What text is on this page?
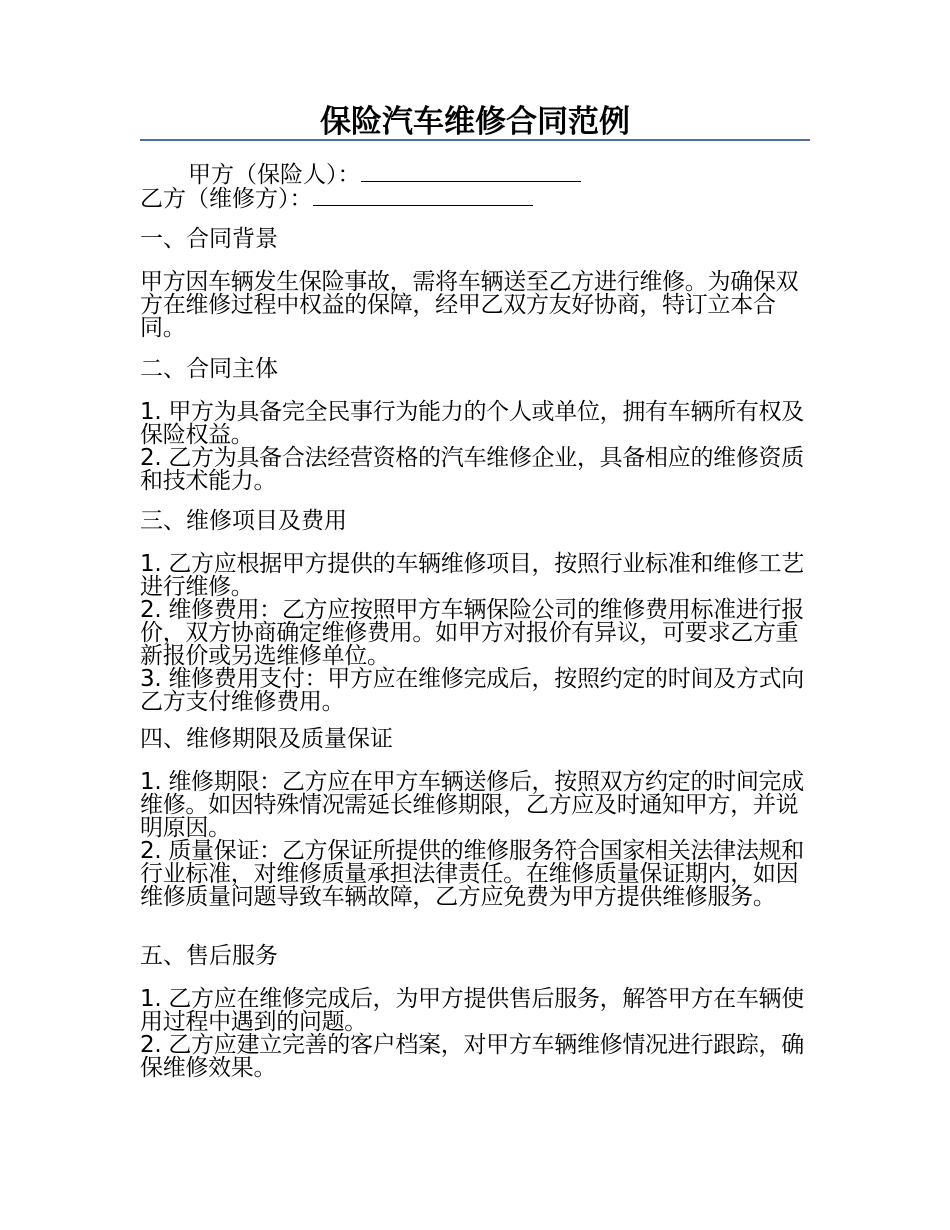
保险汽车维修合同范例
甲方（保险人）：
乙方（维修方）：
一、合同背景
甲方因车辆发生保险事故，需将车辆送至乙方进行维修。为确保双方在维修过程中权益的保障，经甲乙双方友好协商，特订立本合同。
二、合同主体
1. 甲方为具备完全民事行为能力的个人或单位，拥有车辆所有权及保险权益。
2. 乙方为具备合法经营资格的汽车维修企业，具备相应的维修资质和技术能力。
三、维修项目及费用
1. 乙方应根据甲方提供的车辆维修项目，按照行业标准和维修工艺进行维修。
2. 维修费用：乙方应按照甲方车辆保险公司的维修费用标准进行报价，双方协商确定维修费用。如甲方对报价有异议，可要求乙方重新报价或另选维修单位。
3. 维修费用支付：甲方应在维修完成后，按照约定的时间及方式向乙方支付维修费用。
四、维修期限及质量保证
1. 维修期限：乙方应在甲方车辆送修后，按照双方约定的时间完成维修。如因特殊情况需延长维修期限，乙方应及时通知甲方，并说明原因。
2. 质量保证：乙方保证所提供的维修服务符合国家相关法律法规和行业标准，对维修质量承担法律责任。在维修质量保证期内，如因维修质量问题导致车辆故障，乙方应免费为甲方提供维修服务。
五、售后服务
1. 乙方应在维修完成后，为甲方提供售后服务，解答甲方在车辆使用过程中遇到的问题。
2. 乙方应建立完善的客户档案，对甲方车辆维修情况进行跟踪，确保维修效果。
